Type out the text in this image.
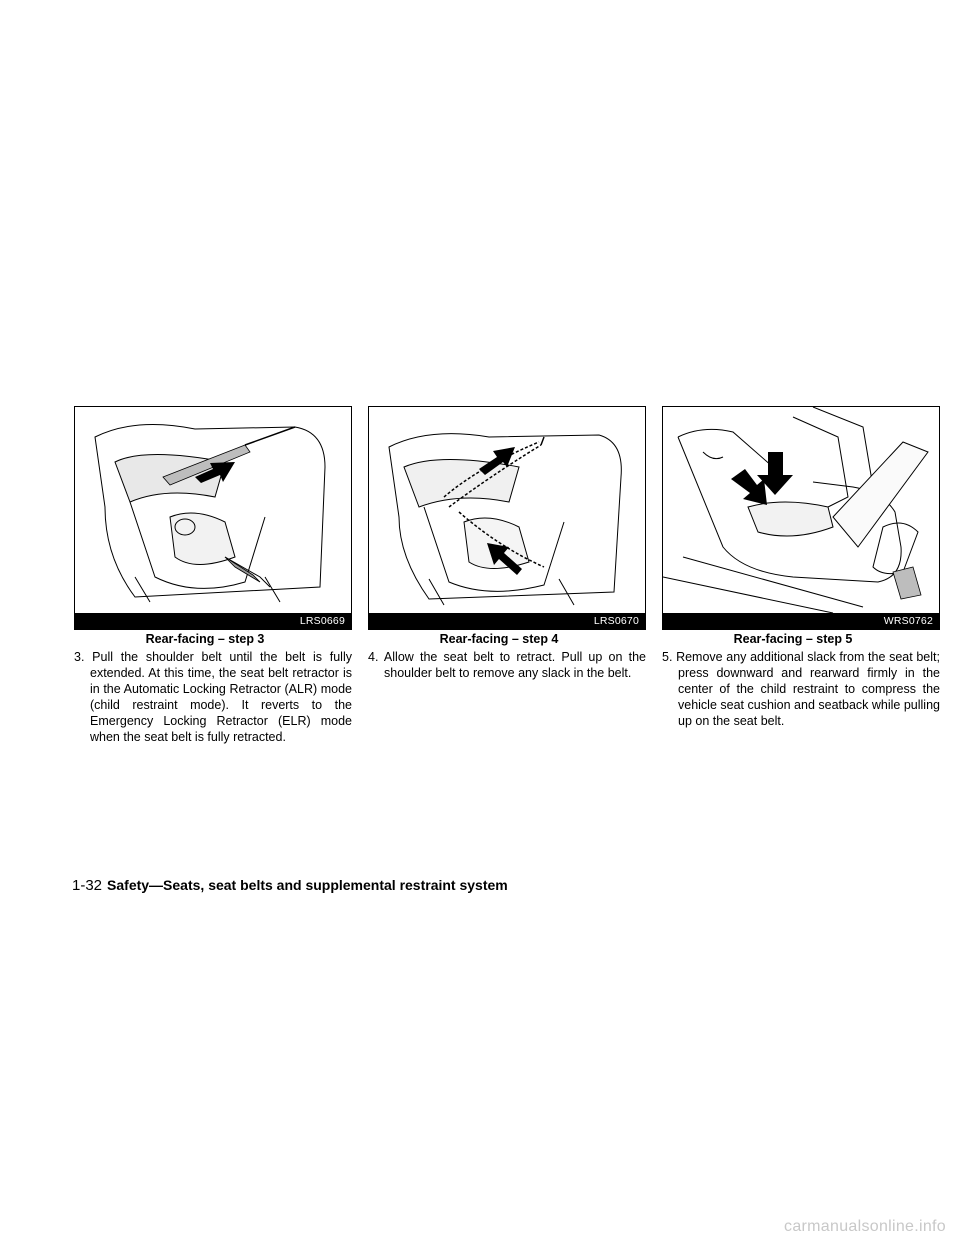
LRS0669
Rear-facing – step 3

3. Pull the shoulder belt until the belt is fully extended. At this time, the seat belt retractor is in the Automatic Locking Retractor (ALR) mode (child restraint mode). It reverts to the Emergency Locking Retractor (ELR) mode when the seat belt is fully retracted.

LRS0670
Rear-facing – step 4

4. Allow the seat belt to retract. Pull up on the shoulder belt to remove any slack in the belt.

WRS0762
Rear-facing – step 5

5. Remove any additional slack from the seat belt; press downward and rearward firmly in the center of the child restraint to compress the vehicle seat cushion and seatback while pulling up on the seat belt.

1-32 Safety—Seats, seat belts and supplemental restraint system
carmanualsonline.info
